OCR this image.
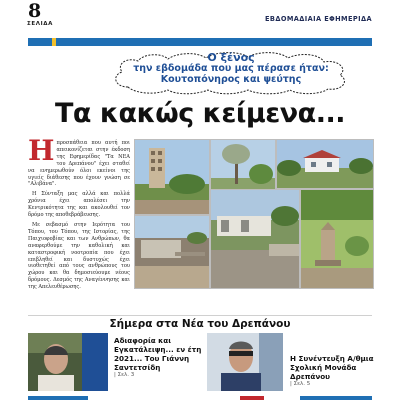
8
ΣΕΛΙΔΑ
ΕΒΔΟΜΑΔΙΑΙΑ ΕΦΗΜΕΡΙΔΑ
Ο ξένος
την εβδομάδα που μας πέρασε ήταν:
Κουτοπόνηρος και ψεύτης
Τα κακώς κείμενα...

Ηπροσπάθεια που αυτή ποι απεικονίζεται στην έκδοση της Εφημερίδας "Τα ΝΕΑ του Δρεπάνου" έχει σταθεί να ενημερωθούν όλοι εκείνοι της υγιείς διάθεσης που έχουν γνώση σε "Αλιβάνα".

Η Σύνταξη μας αλλά και πολλά χρόνια έχει απολέσει την Κεντρικότητα της και ακολουθεί τον δρόμο της αποθεβράβευσης.

Με σεβασμό στην Ιερότητα του Τόπου, του Τόπου, της Ιστορίας, της Παιχιοφοβίας και των Ανθρώπων, θα αναφερθούμε την καθολική και καταστροφική νοοτροπία που έχει επιβληθεί και δυστυχώς έχει υιοθετηθεί από τους ανθρώπους του χώρου και θα δημοσιεύουμε νέους δρόμους. Δεσμός της Αναγέννησης και της Απελευθέρωσης.

Σήμερα στα Νέα του Δρεπάνου
Αδιαφορία και Εγκατάλειψη... εν έτη 2021... Του Γιάννη Σαντετσίδη
| Σελ. 3
Η Συνέντευξη Α/θμια Σχολική Μονάδα Δρεπάνου
| Σελ. 5
